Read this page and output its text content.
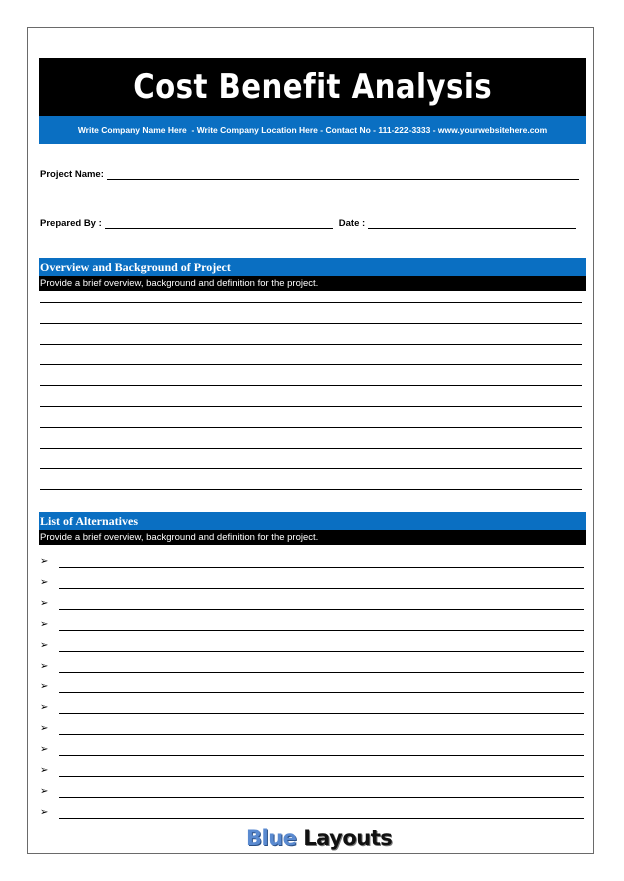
Cost Benefit Analysis
Write Company Name Here  - Write Company Location Here - Contact No - 111-222-3333 - www.yourwebsitehere.com
Project Name:
Prepared By :	Date :
Overview and Background of Project
Provide a brief overview, background and definition for the project.
List of Alternatives
Provide a brief overview, background and definition for the project.
➢
➢
➢
➢
➢
➢
➢
➢
➢
➢
➢
➢
➢
Blue Layouts
